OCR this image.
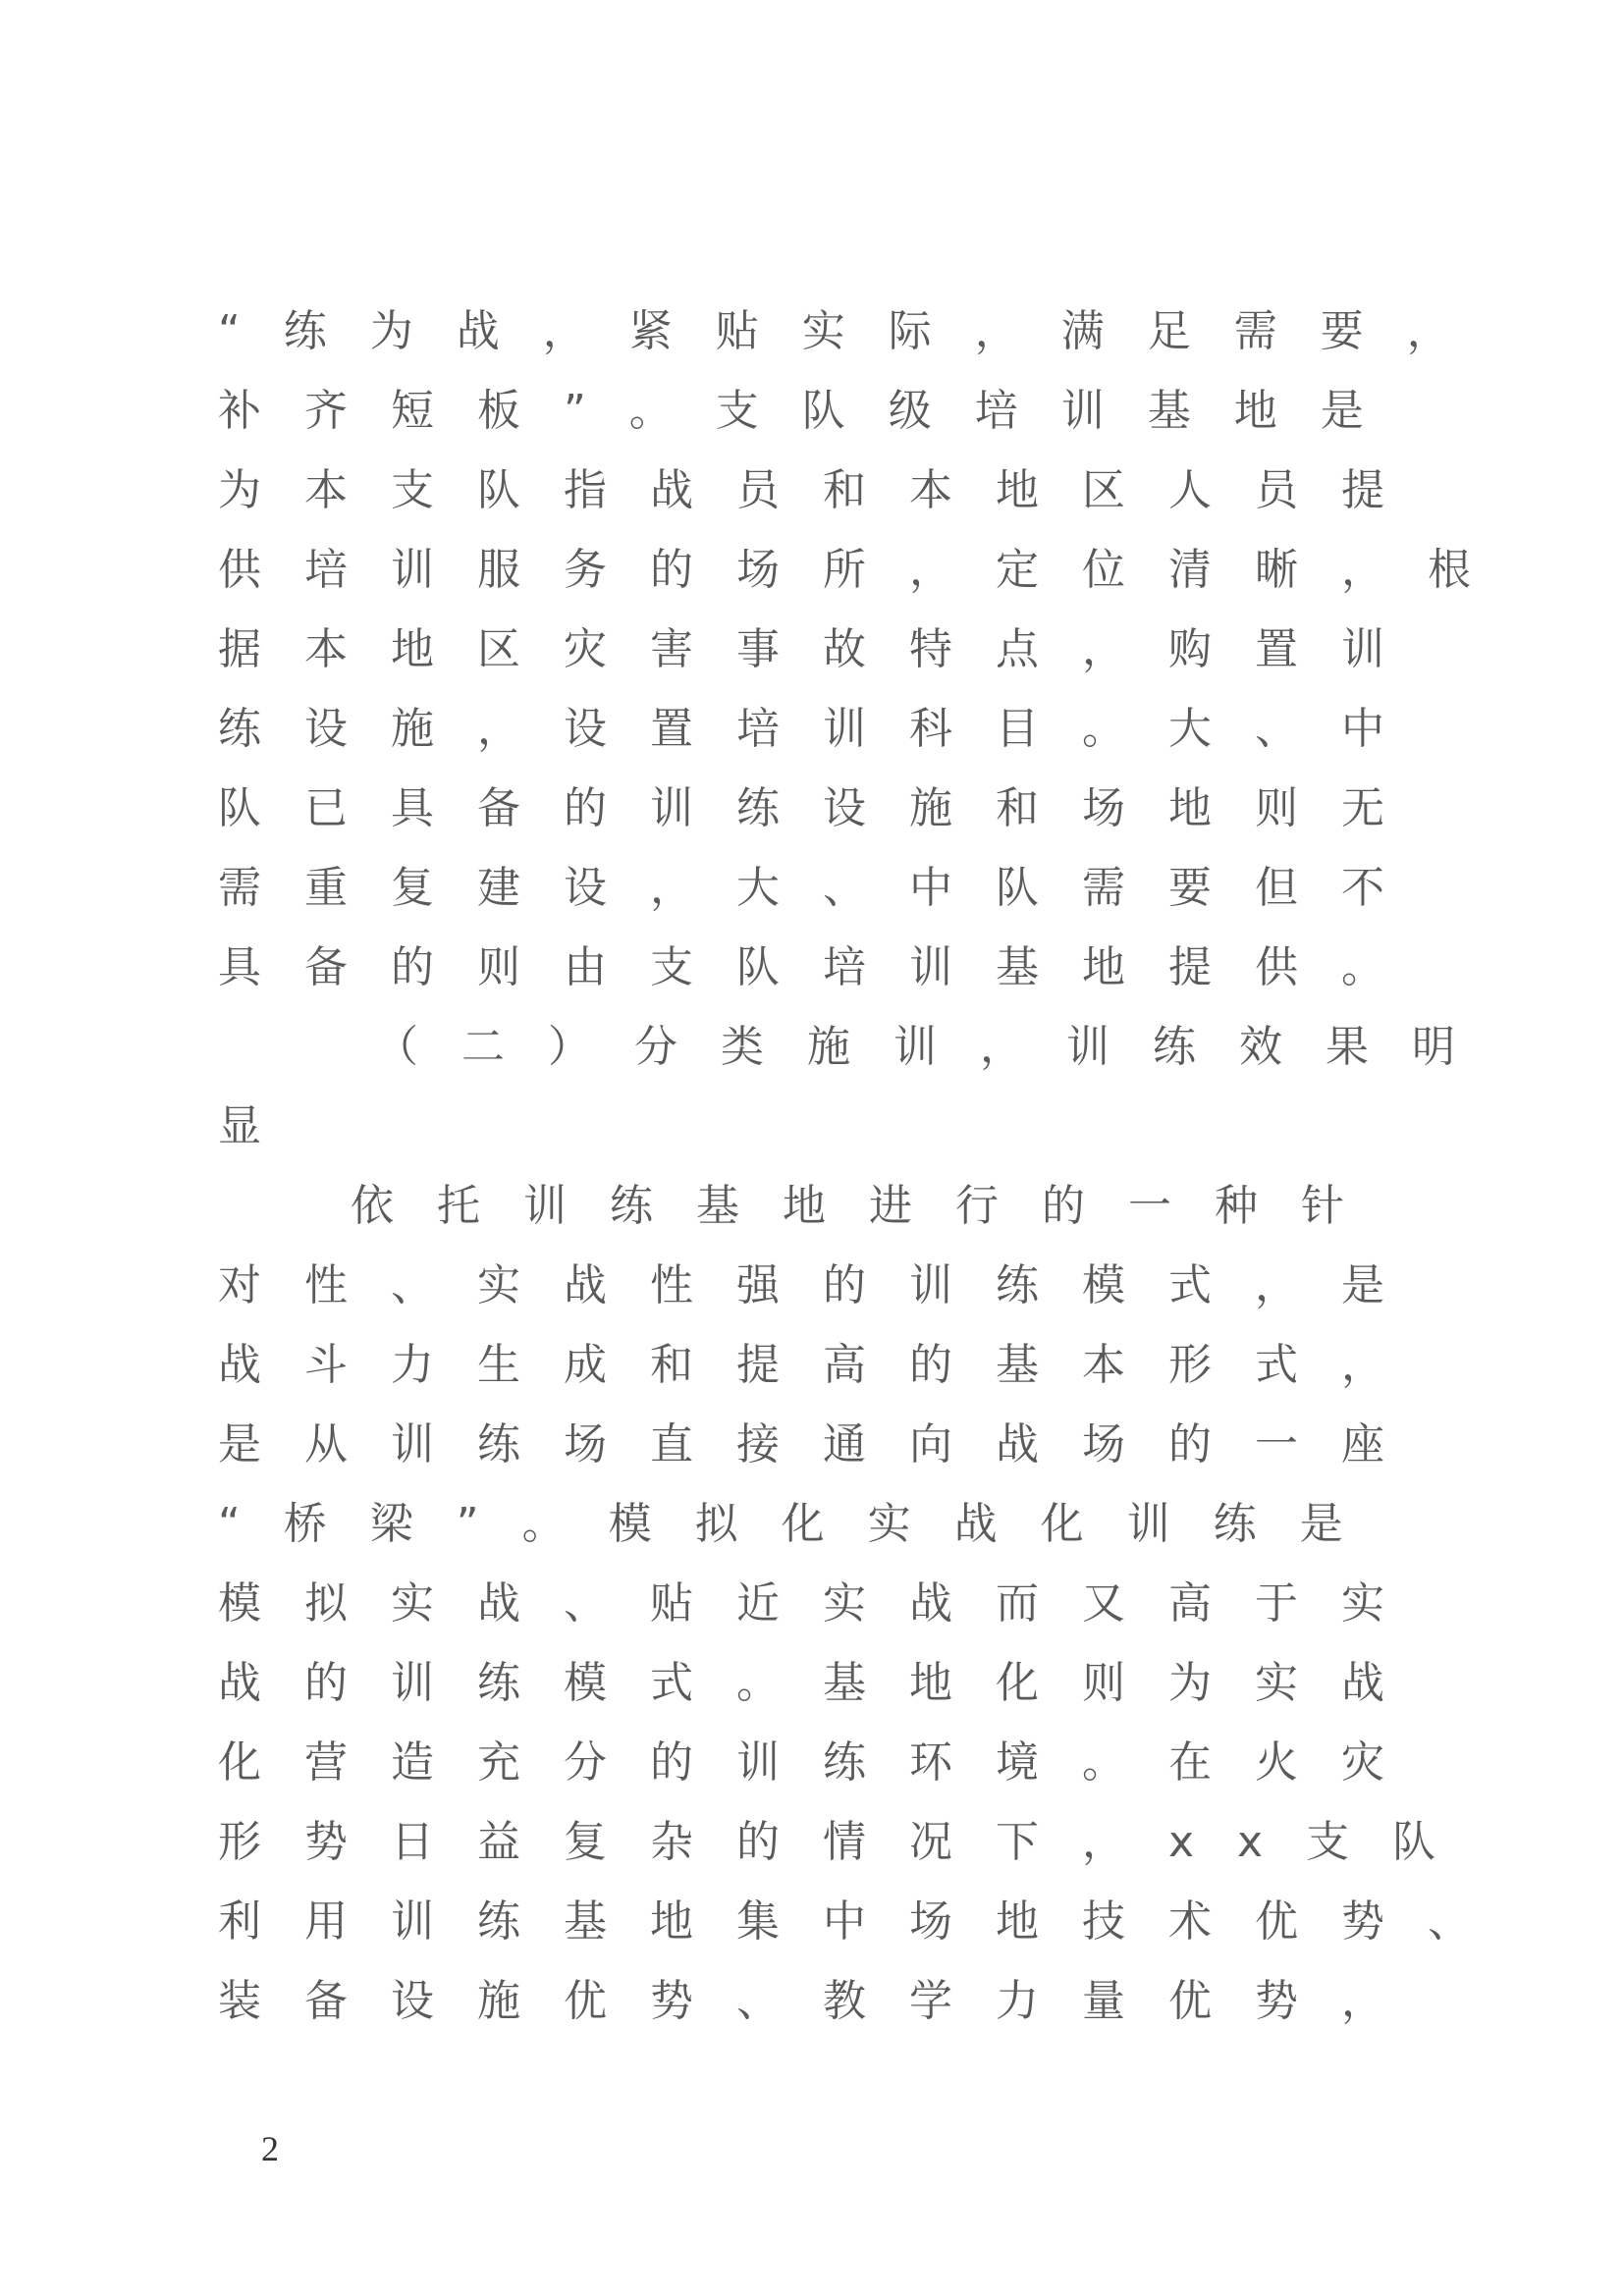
“练为战，紧贴实际，满足需要，

补齐短板”。支队级培训基地是

为本支队指战员和本地区人员提

供培训服务的场所，定位清晰，根

据本地区灾害事故特点，购置训

练设施，设置培训科目。大、中

队已具备的训练设施和场地则无

需重复建设，大、中队需要但不

具备的则由支队培训基地提供。

（二）分类施训，训练效果明

显

依托训练基地进行的一种针

对性、实战性强的训练模式，是

战斗力生成和提高的基本形式，

是从训练场直接通向战场的一座

“桥梁”。模拟化实战化训练是

模拟实战、贴近实战而又高于实

战的训练模式。基地化则为实战

化营造充分的训练环境。在火灾

形势日益复杂的情况下，xx支队

利用训练基地集中场地技术优势、

装备设施优势、教学力量优势，

2
